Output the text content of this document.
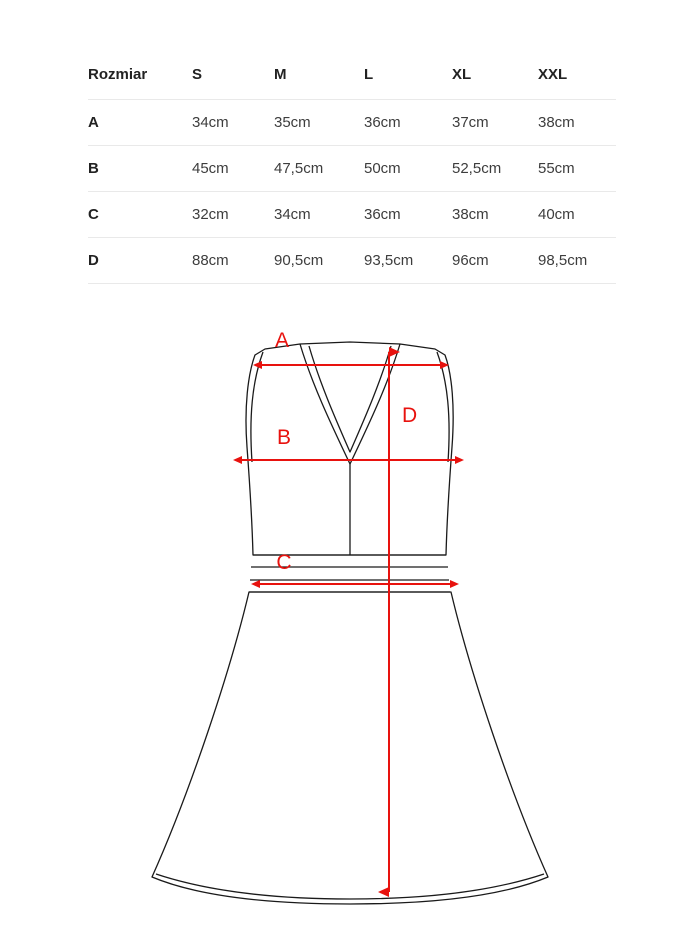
Rozmiar	S	M	L	XL	XXL
A	34cm	35cm	36cm	37cm	38cm
B	45cm	47,5cm	50cm	52,5cm	55cm
C	32cm	34cm	36cm	38cm	40cm
D	88cm	90,5cm	93,5cm	96cm	98,5cm
A
B
C
D
